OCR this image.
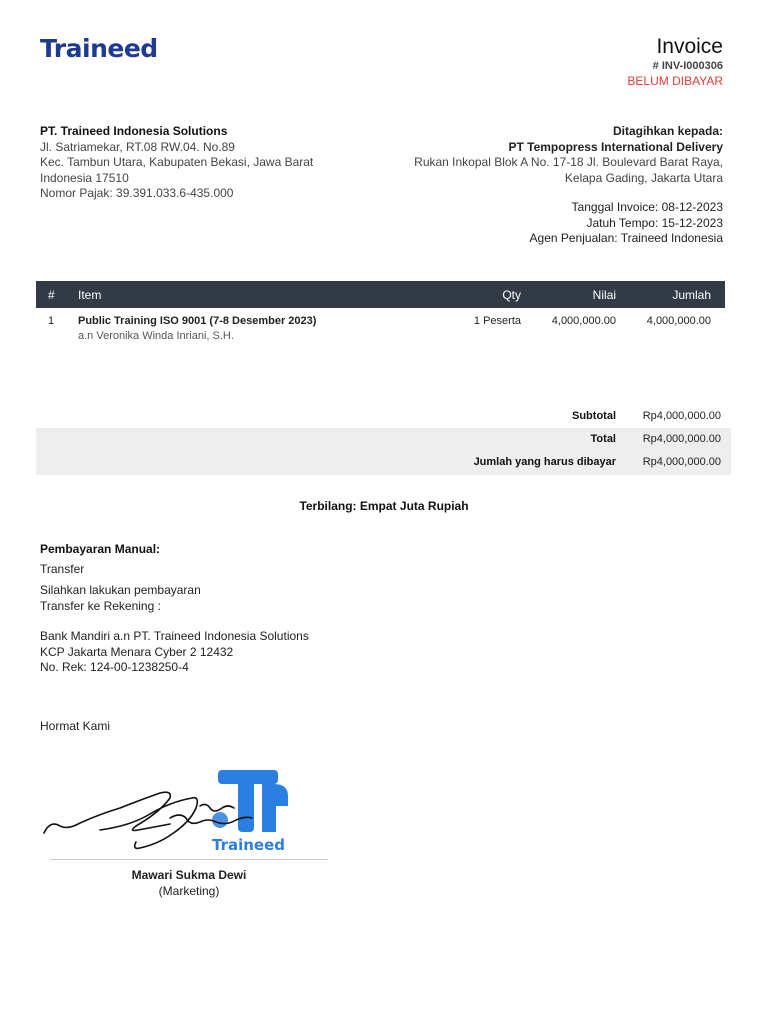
Traineed	Invoice
# INV-I000306
BELUM DIBAYAR
PT. Traineed Indonesia Solutions
Jl. Satriamekar, RT.08 RW.04. No.89
Kec. Tambun Utara, Kabupaten Bekasi, Jawa Barat
Indonesia 17510
Nomor Pajak: 39.391.033.6-435.000
Ditagihkan kepada:
PT Tempopress International Delivery
Rukan Inkopal Blok A No. 17-18 Jl. Boulevard Barat Raya,
Kelapa Gading, Jakarta Utara
Tanggal Invoice: 08-12-2023
Jatuh Tempo: 15-12-2023
Agen Penjualan: Traineed Indonesia
# Item	Qty	Nilai	Jumlah
1 Public Training ISO 9001 (7-8 Desember 2023)
a.n Veronika Winda Inriani, S.H.
1 Peserta	4,000,000.00	4,000,000.00
Subtotal Rp4,000,000.00
Total Rp4,000,000.00
Jumlah yang harus dibayar Rp4,000,000.00
Terbilang: Empat Juta Rupiah
Pembayaran Manual:
Transfer
Silahkan lakukan pembayaran
Transfer ke Rekening :
Bank Mandiri a.n PT. Traineed Indonesia Solutions
KCP Jakarta Menara Cyber 2 12432
No. Rek: 124-00-1238250-4
Hormat Kami
Traineed
Mawari Sukma Dewi
(Marketing)
